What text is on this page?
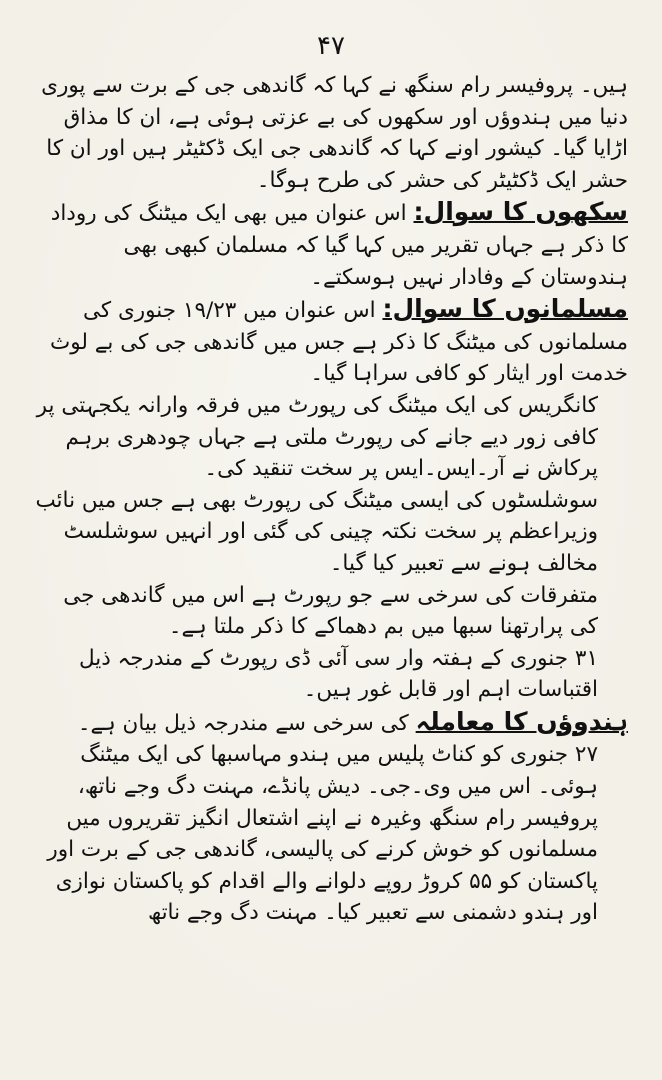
۴۷

ہیں۔ پروفیسر رام سنگھ نے کہا کہ گاندھی جی کے برت سے پوری دنیا میں ہندوؤں اور سکھوں کی بے عزتی ہوئی ہے، ان کا مذاق اڑایا گیا۔ کیشور اونے کہا کہ گاندھی جی ایک ڈکٹیٹر ہیں اور ان کا حشر ایک ڈکٹیٹر کی حشر کی طرح ہوگا۔

سکھوں کا سوال: اس عنوان میں بھی ایک میٹنگ کی روداد کا ذکر ہے جہاں تقریر میں کہا گیا کہ مسلمان کبھی بھی ہندوستان کے وفادار نہیں ہوسکتے۔

مسلمانوں کا سوال: اس عنوان میں ۱۹/۲۳ جنوری کی مسلمانوں کی میٹنگ کا ذکر ہے جس میں گاندھی جی کی بے لوث خدمت اور ایثار کو کافی سراہا گیا۔

کانگریس کی ایک میٹنگ کی رپورٹ میں فرقہ وارانہ یکجہتی پر کافی زور دیے جانے کی رپورٹ ملتی ہے جہاں چودھری برہم پرکاش نے آر۔ایس۔ایس پر سخت تنقید کی۔

سوشلسٹوں کی ایسی میٹنگ کی رپورٹ بھی ہے جس میں نائب وزیراعظم پر سخت نکتہ چینی کی گئی اور انہیں سوشلسٹ مخالف ہونے سے تعبیر کیا گیا۔

متفرقات کی سرخی سے جو رپورٹ ہے اس میں گاندھی جی کی پرارتھنا سبھا میں بم دھماکے کا ذکر ملتا ہے۔

۳۱ جنوری کے ہفتہ وار سی آئی ڈی رپورٹ کے مندرجہ ذیل اقتباسات اہم اور قابل غور ہیں۔

ہندوؤں کا معاملہ کی سرخی سے مندرجہ ذیل بیان ہے۔

۲۷ جنوری کو کناٹ پلیس میں ہندو مہاسبھا کی ایک میٹنگ ہوئی۔ اس میں وی۔جی۔ دیش پانڈے، مہنت دگ وجے ناتھ، پروفیسر رام سنگھ وغیرہ نے اپنے اشتعال انگیز تقریروں میں مسلمانوں کو خوش کرنے کی پالیسی، گاندھی جی کے برت اور پاکستان کو ۵۵ کروڑ روپے دلوانے والے اقدام کو پاکستان نوازی اور ہندو دشمنی سے تعبیر کیا۔ مہنت دگ وجے ناتھ
